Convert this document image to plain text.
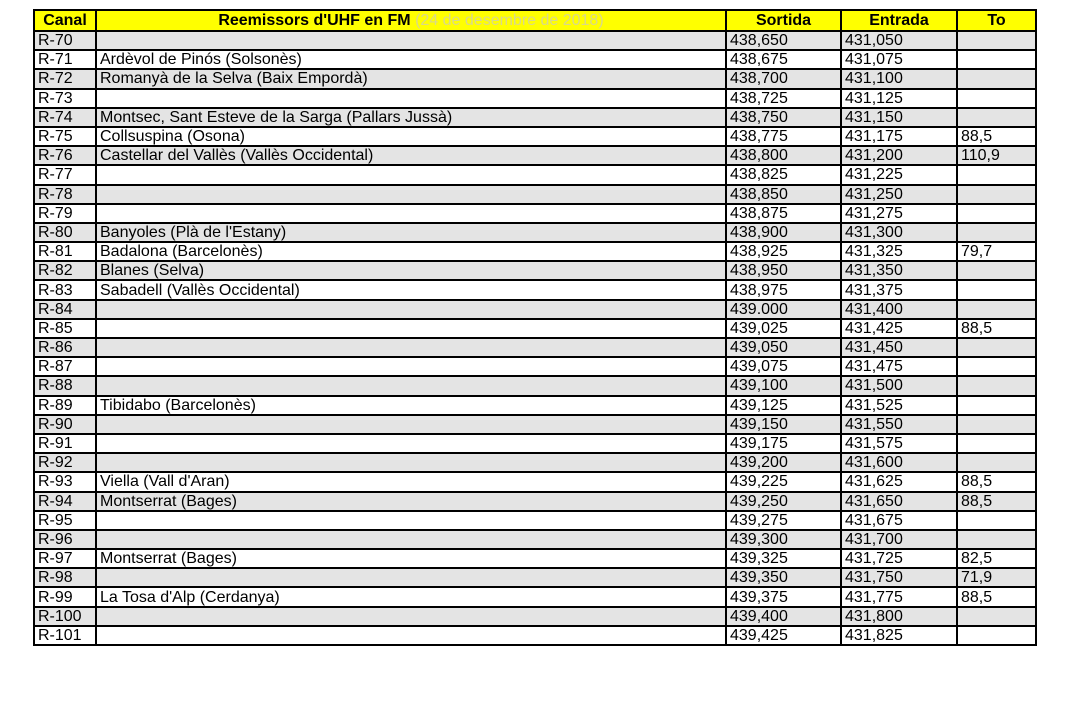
Canal	Reemissors d'UHF en FM (24 de desembre de 2018)	Sortida	Entrada	To
R-70		438,650	431,050	
R-71	Ardèvol de Pinós (Solsonès)	438,675	431,075	
R-72	Romanyà de la Selva (Baix Empordà)	438,700	431,100	
R-73		438,725	431,125	
R-74	Montsec, Sant Esteve de la Sarga (Pallars Jussà)	438,750	431,150	
R-75	Collsuspina (Osona)	438,775	431,175	88,5
R-76	Castellar del Vallès (Vallès Occidental)	438,800	431,200	110,9
R-77		438,825	431,225	
R-78		438,850	431,250	
R-79		438,875	431,275	
R-80	Banyoles (Plà de l'Estany)	438,900	431,300	
R-81	Badalona (Barcelonès)	438,925	431,325	79,7
R-82	Blanes (Selva)	438,950	431,350	
R-83	Sabadell (Vallès Occidental)	438,975	431,375	
R-84		439.000	431,400	
R-85		439,025	431,425	88,5
R-86		439,050	431,450	
R-87		439,075	431,475	
R-88		439,100	431,500	
R-89	Tibidabo (Barcelonès)	439,125	431,525	
R-90		439,150	431,550	
R-91		439,175	431,575	
R-92		439,200	431,600	
R-93	Viella (Vall d'Aran)	439,225	431,625	88,5
R-94	Montserrat (Bages)	439,250	431,650	88,5
R-95		439,275	431,675	
R-96		439,300	431,700	
R-97	Montserrat (Bages)	439,325	431,725	82,5
R-98		439,350	431,750	71,9
R-99	La Tosa d'Alp (Cerdanya)	439,375	431,775	88,5
R-100		439,400	431,800	
R-101		439,425	431,825	
